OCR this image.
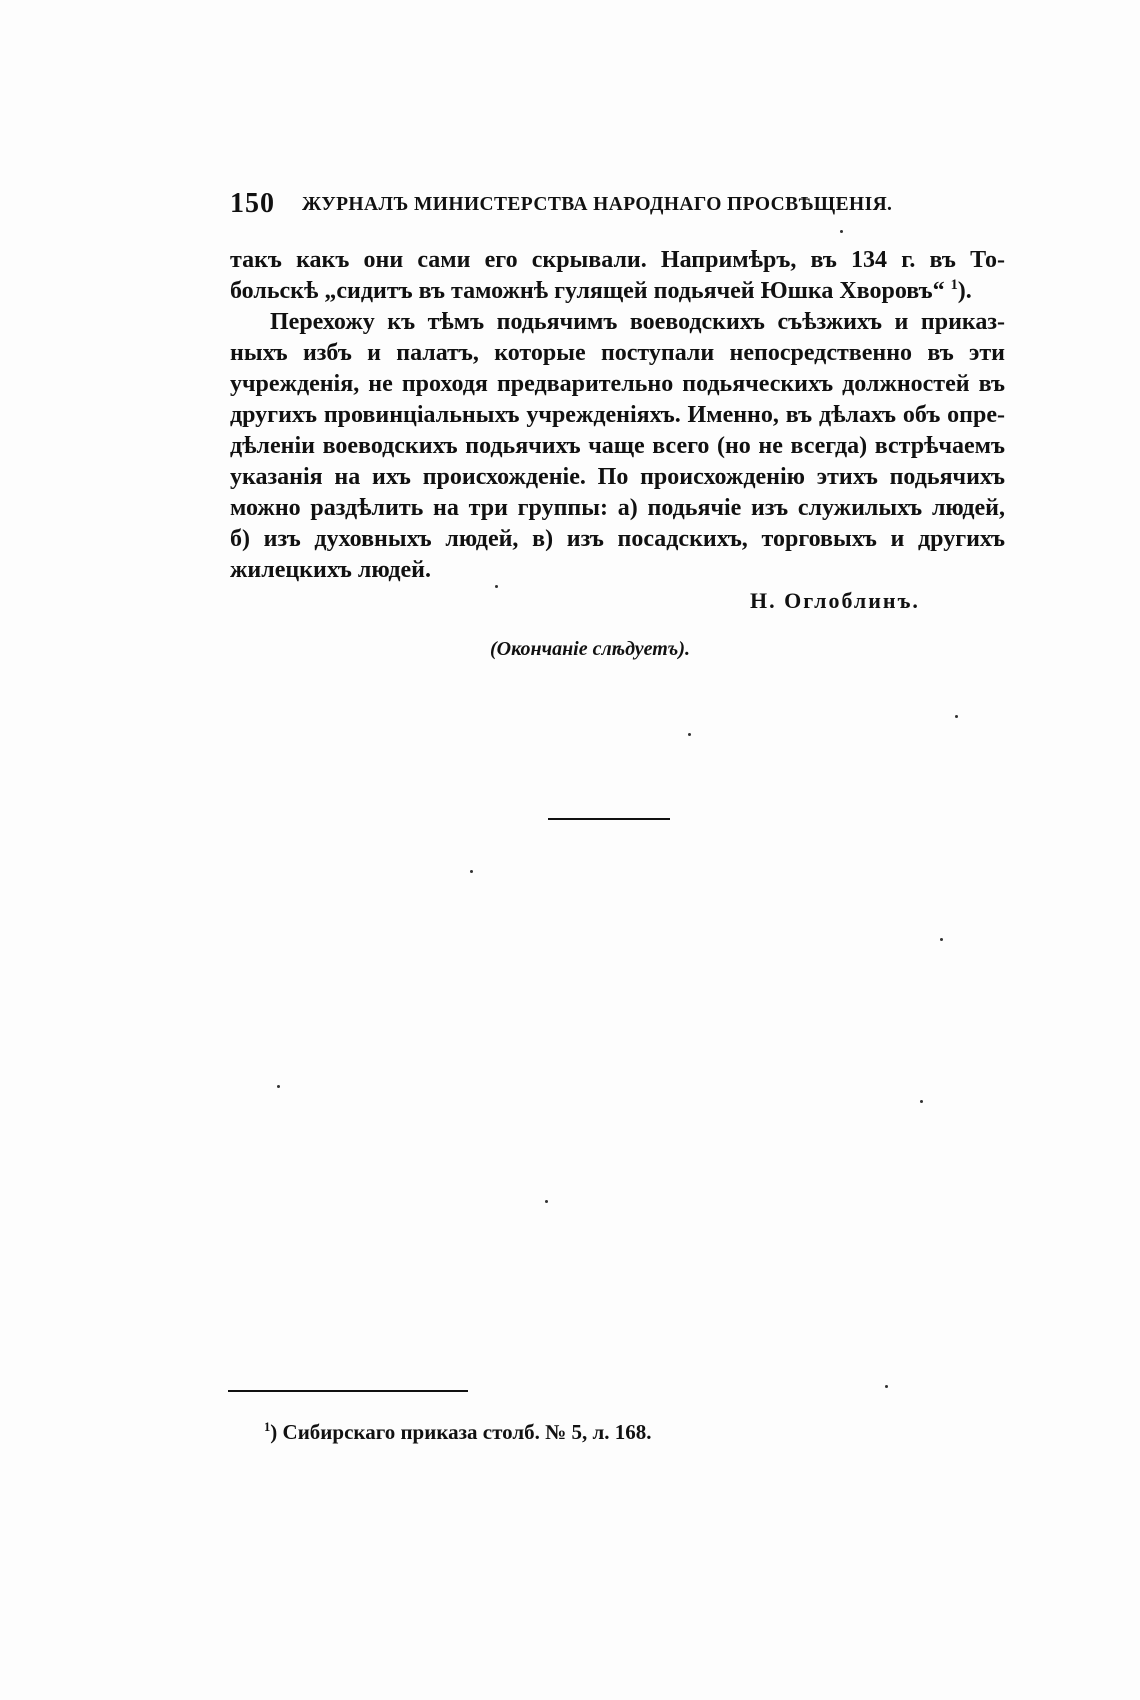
150 ЖУРНАЛЪ МИНИСТЕРСТВА НАРОДНАГО ПРОСВѢЩЕНІЯ.
такъ какъ они сами его скрывали. Напримѣръ, въ 134 г. въ То-
больскѣ „сидитъ въ таможнѣ гулящей подьячей Юшка Хворовъ“ $^1$).
Перехожу къ тѣмъ подьячимъ воеводскихъ съѣзжихъ и приказ-
ныхъ избъ и палатъ, которые поступали непосредственно въ эти
учрежденія, не проходя предварительно подьяческихъ должностей въ
другихъ провинціальныхъ учрежденіяхъ. Именно, въ дѣлахъ объ опре-
дѣленіи воеводскихъ подьячихъ чаще всего (но не всегда) встрѣчаемъ
указанія на ихъ происхожденіе. По происхожденію этихъ подьячихъ
можно раздѣлить на три группы: а) подьячіе изъ служилыхъ людей,
б) изъ духовныхъ людей, в) изъ посадскихъ, торговыхъ и другихъ
жилецкихъ людей.
Н. Оглоблинъ.
(Окончаніе слѣдуетъ).
$^1$) Сибирскаго приказа столб. № 5, л. 168.
